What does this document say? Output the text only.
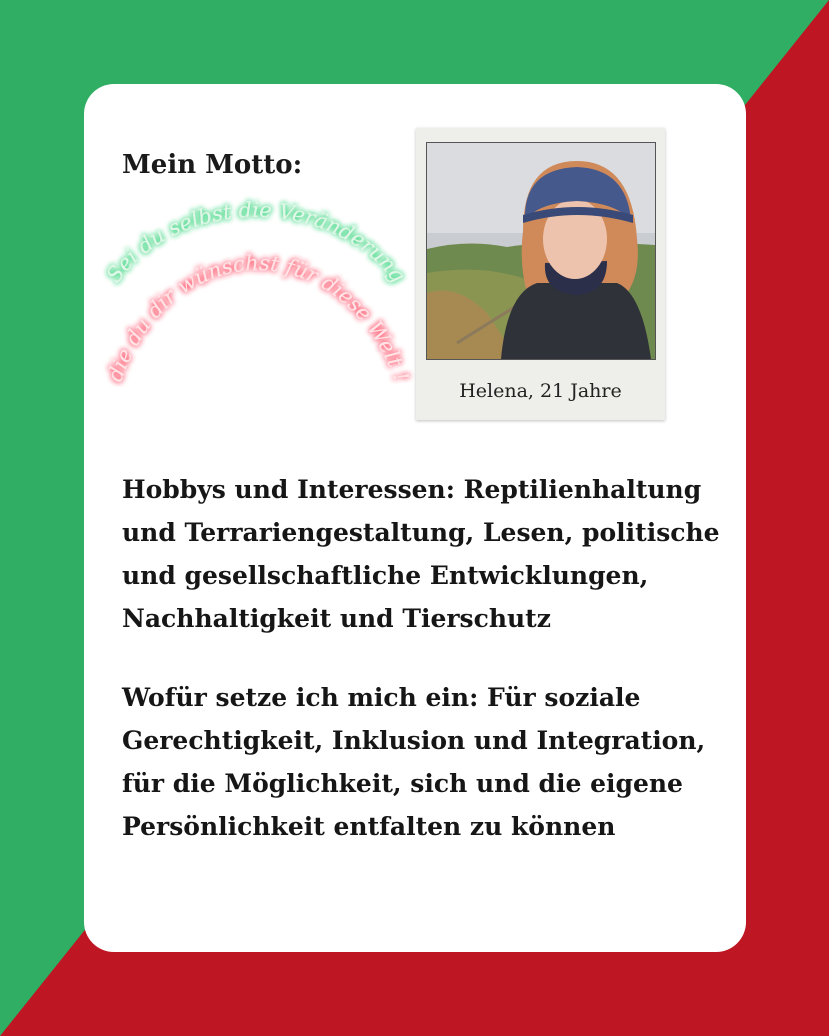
Mein Motto:
Sei du selbst die Veränderung
die du dir wünschst für diese Welt !
Helena, 21 Jahre
Hobbys und Interessen: Reptilienhaltung und Terrariengestaltung, Lesen, politische und gesellschaftliche Entwicklungen, Nachhaltigkeit und Tierschutz
Wofür setze ich mich ein: Für soziale Gerechtigkeit, Inklusion und Integration, für die Möglichkeit, sich und die eigene Persönlichkeit entfalten zu können
